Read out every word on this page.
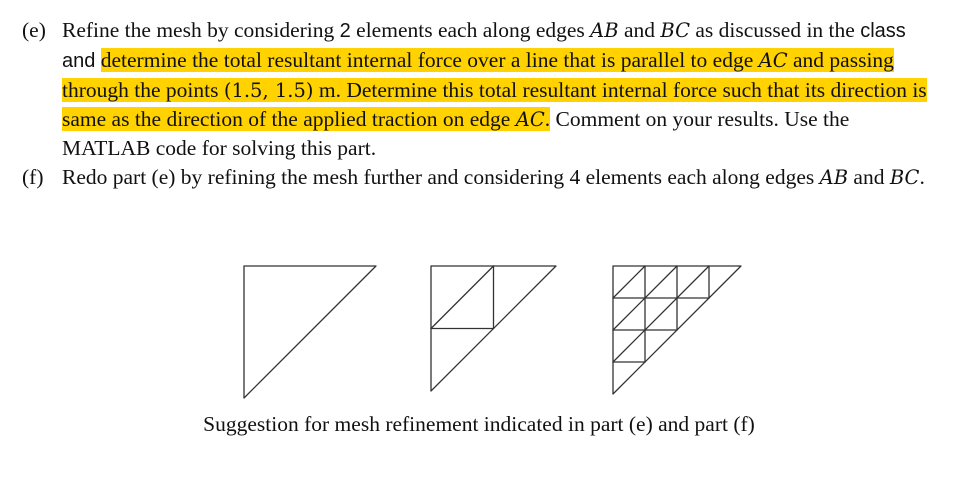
(e) Refine the mesh by considering 2 elements each along edges AB and BC as discussed in the class and determine the total resultant internal force over a line that is parallel to edge AC and passing through the points (1.5, 1.5) m. Determine this total resultant internal force such that its direction is same as the direction of the applied traction on edge AC. Comment on your results. Use the MATLAB code for solving this part.
(f) Redo part (e) by refining the mesh further and considering 4 elements each along edges AB and BC.
Suggestion for mesh refinement indicated in part (e) and part (f)
